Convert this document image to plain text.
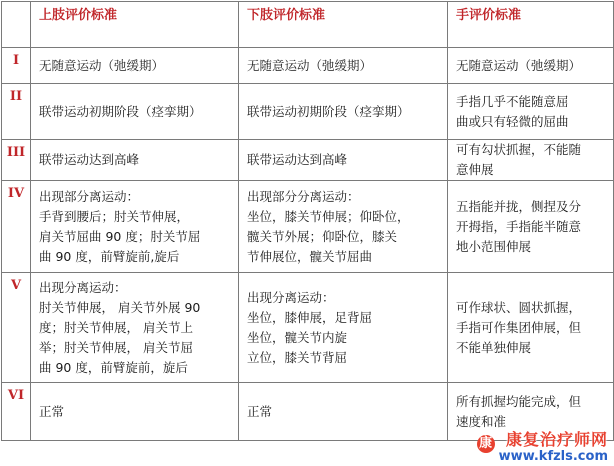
	上肢评价标准	下肢评价标准	手评价标准
I	无随意运动（弛缓期）	无随意运动（弛缓期）	无随意运动（弛缓期）

II	联带运动初期阶段（痉挛期）	联带运动初期阶段（痉挛期）	手指几乎不能随意屈
曲或只有轻微的屈曲

III	联带运动达到高峰	联带运动达到高峰	可有勾状抓握，不能随
意伸展

IV	出现部分离运动：
手背到腰后；肘关节伸展，
肩关节屈曲 90 度；肘关节屈
曲 90 度，前臂旋前,旋后	出现部分分离运动：
坐位，膝关节伸展；仰卧位，
髋关节外展；仰卧位，膝关
节伸展位，髋关节屈曲	五指能并拢，侧捏及分
开拇指，手指能半随意
地小范围伸展

V	出现分离运动：
肘关节伸展， 肩关节外展 90
度；肘关节伸展， 肩关节上
举；肘关节伸展， 肩关节屈
曲 90 度，前臂旋前，旋后	出现分离运动：
坐位，膝伸展，足背屈
坐位，髋关节内旋
立位，膝关节背屈	可作球状、圆状抓握，
手指可作集团伸展，但
不能单独伸展

VI	正常	正常	所有抓握均能完成，但
速度和准
康 康复治疗师网
www.kfzls.com
